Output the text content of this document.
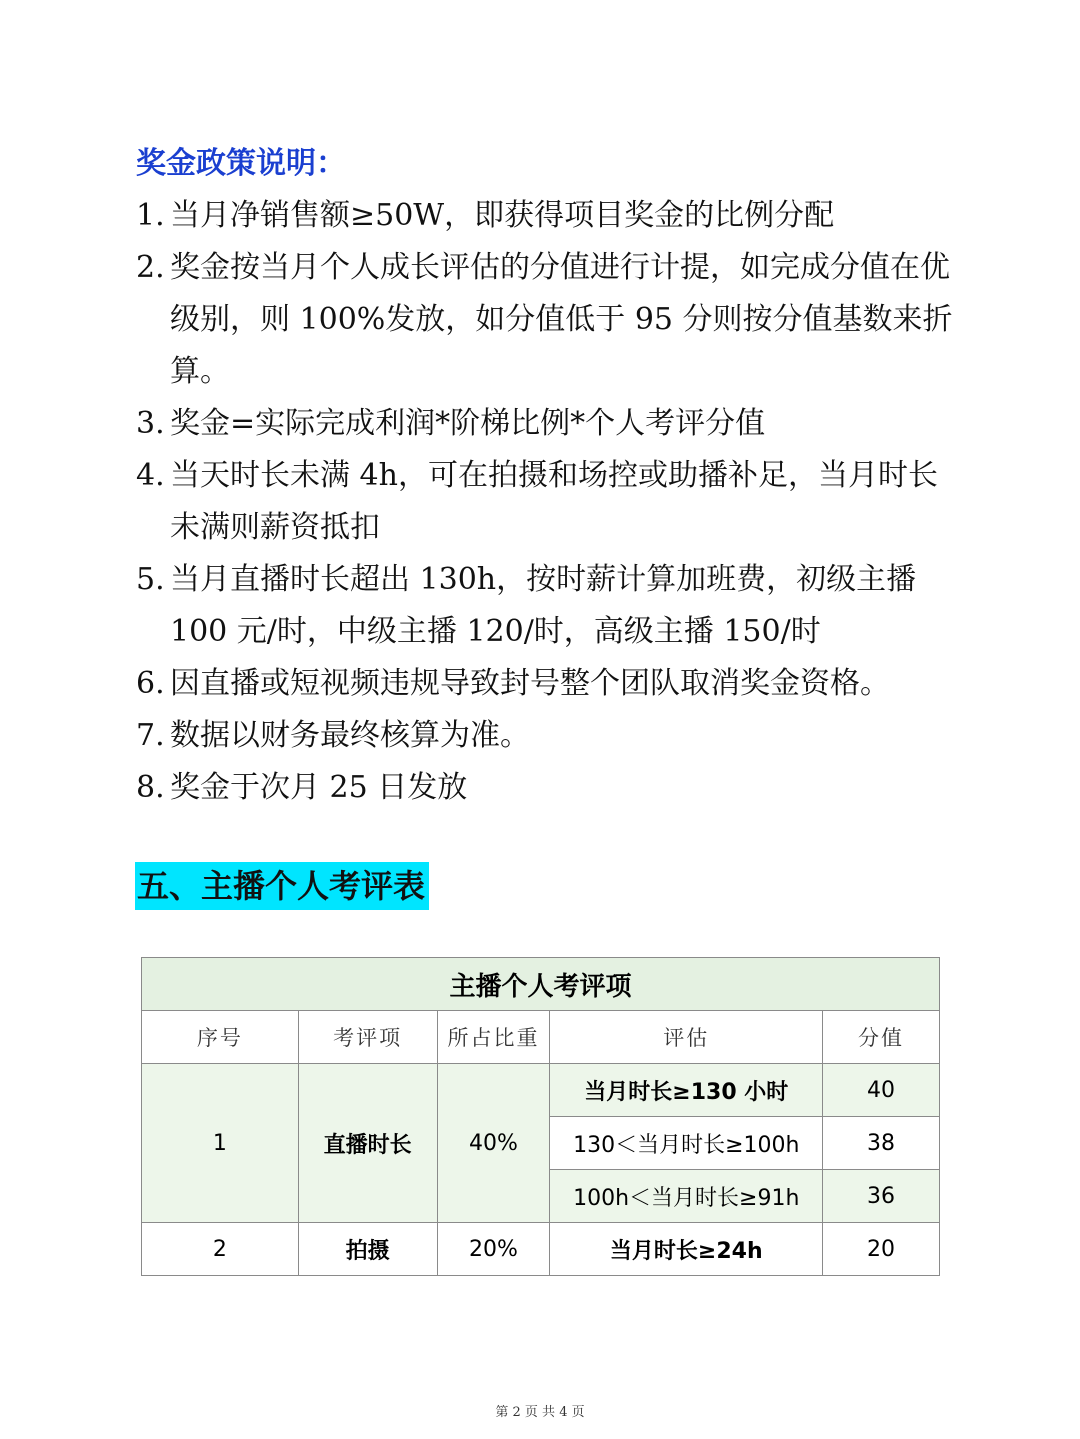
奖金政策说明：
1. 当月净销售额≥50W，即获得项目奖金的比例分配
2. 奖金按当月个人成长评估的分值进行计提，如完成分值在优级别，则 100%发放，如分值低于 95 分则按分值基数来折算。
3. 奖金=实际完成利润*阶梯比例*个人考评分值
4. 当天时长未满 4h，可在拍摄和场控或助播补足，当月时长未满则薪资抵扣
5. 当月直播时长超出 130h，按时薪计算加班费，初级主播 100 元/时，中级主播 120/时，高级主播 150/时
6. 因直播或短视频违规导致封号整个团队取消奖金资格。
7. 数据以财务最终核算为准。
8. 奖金于次月 25 日发放
五、主播个人考评表
主播个人考评项				
序号	考评项	所占比重	评估	分值
1	直播时长	40%	当月时长≥130 小时	40
			130＜当月时长≥100h	38
			100h＜当月时长≥91h	36
2	拍摄	20%	当月时长≥24h	20
第 2 页 共 4 页
